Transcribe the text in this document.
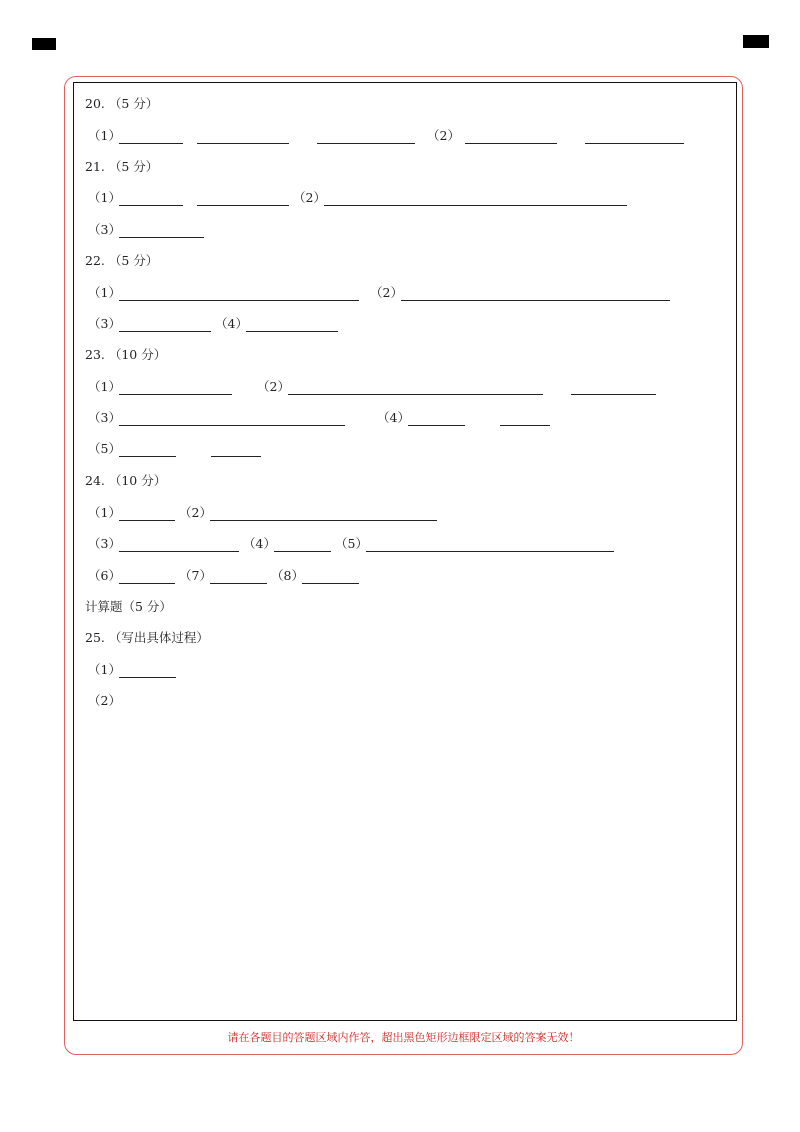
20. （5 分）
（1）	（2）
21. （5 分）
（1）	（2）
（3）
22. （5 分）
（1）	（2）
（3）	（4）
23. （10 分）
（1）	（2）
（3）	（4）
（5）
24. （10 分）
（1）	（2）
（3）	（4）	（5）
（6）	（7）	（8）
计算题（5 分）
25. （写出具体过程）
（1）
（2）
请在各题目的答题区域内作答，超出黑色矩形边框限定区域的答案无效！
